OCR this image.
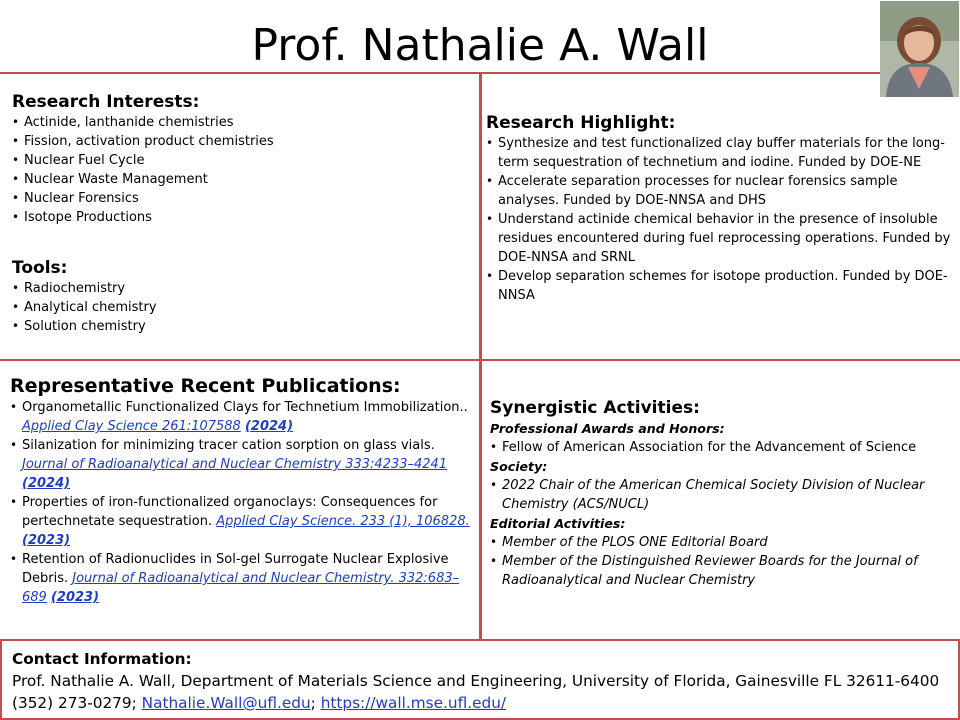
Prof. Nathalie A. Wall
Research Interests:
• Actinide, lanthanide chemistries
• Fission, activation product chemistries
• Nuclear Fuel Cycle
• Nuclear Waste Management
• Nuclear Forensics
• Isotope Productions
Tools:
• Radiochemistry
• Analytical chemistry
• Solution chemistry
Research Highlight:
• Synthesize and test functionalized clay buffer materials for the long-term sequestration of technetium and iodine. Funded by DOE-NE
• Accelerate separation processes for nuclear forensics sample analyses. Funded by DOE-NNSA and DHS
• Understand actinide chemical behavior in the presence of insoluble residues encountered during fuel reprocessing operations. Funded by DOE-NNSA and SRNL
• Develop separation schemes for isotope production. Funded by DOE-NNSA
Representative Recent Publications:
• Organometallic Functionalized Clays for Technetium Immobilization.. Applied Clay Science 261:107588 (2024)
• Silanization for minimizing tracer cation sorption on glass vials. Journal of Radioanalytical and Nuclear Chemistry 333:4233–4241 (2024)
• Properties of iron-functionalized organoclays: Consequences for pertechnetate sequestration. Applied Clay Science. 233 (1), 106828. (2023)
• Retention of Radionuclides in Sol-gel Surrogate Nuclear Explosive Debris. Journal of Radioanalytical and Nuclear Chemistry. 332:683–689 (2023)
Synergistic Activities:
Professional Awards and Honors:
• Fellow of American Association for the Advancement of Science
Society:
• 2022 Chair of the American Chemical Society Division of Nuclear Chemistry (ACS/NUCL)
Editorial Activities:
• Member of the PLOS ONE Editorial Board
• Member of the Distinguished Reviewer Boards for the Journal of Radioanalytical and Nuclear Chemistry
Contact Information:
Prof. Nathalie A. Wall, Department of Materials Science and Engineering, University of Florida, Gainesville FL 32611-6400
(352) 273-0279; Nathalie.Wall@ufl.edu; https://wall.mse.ufl.edu/
